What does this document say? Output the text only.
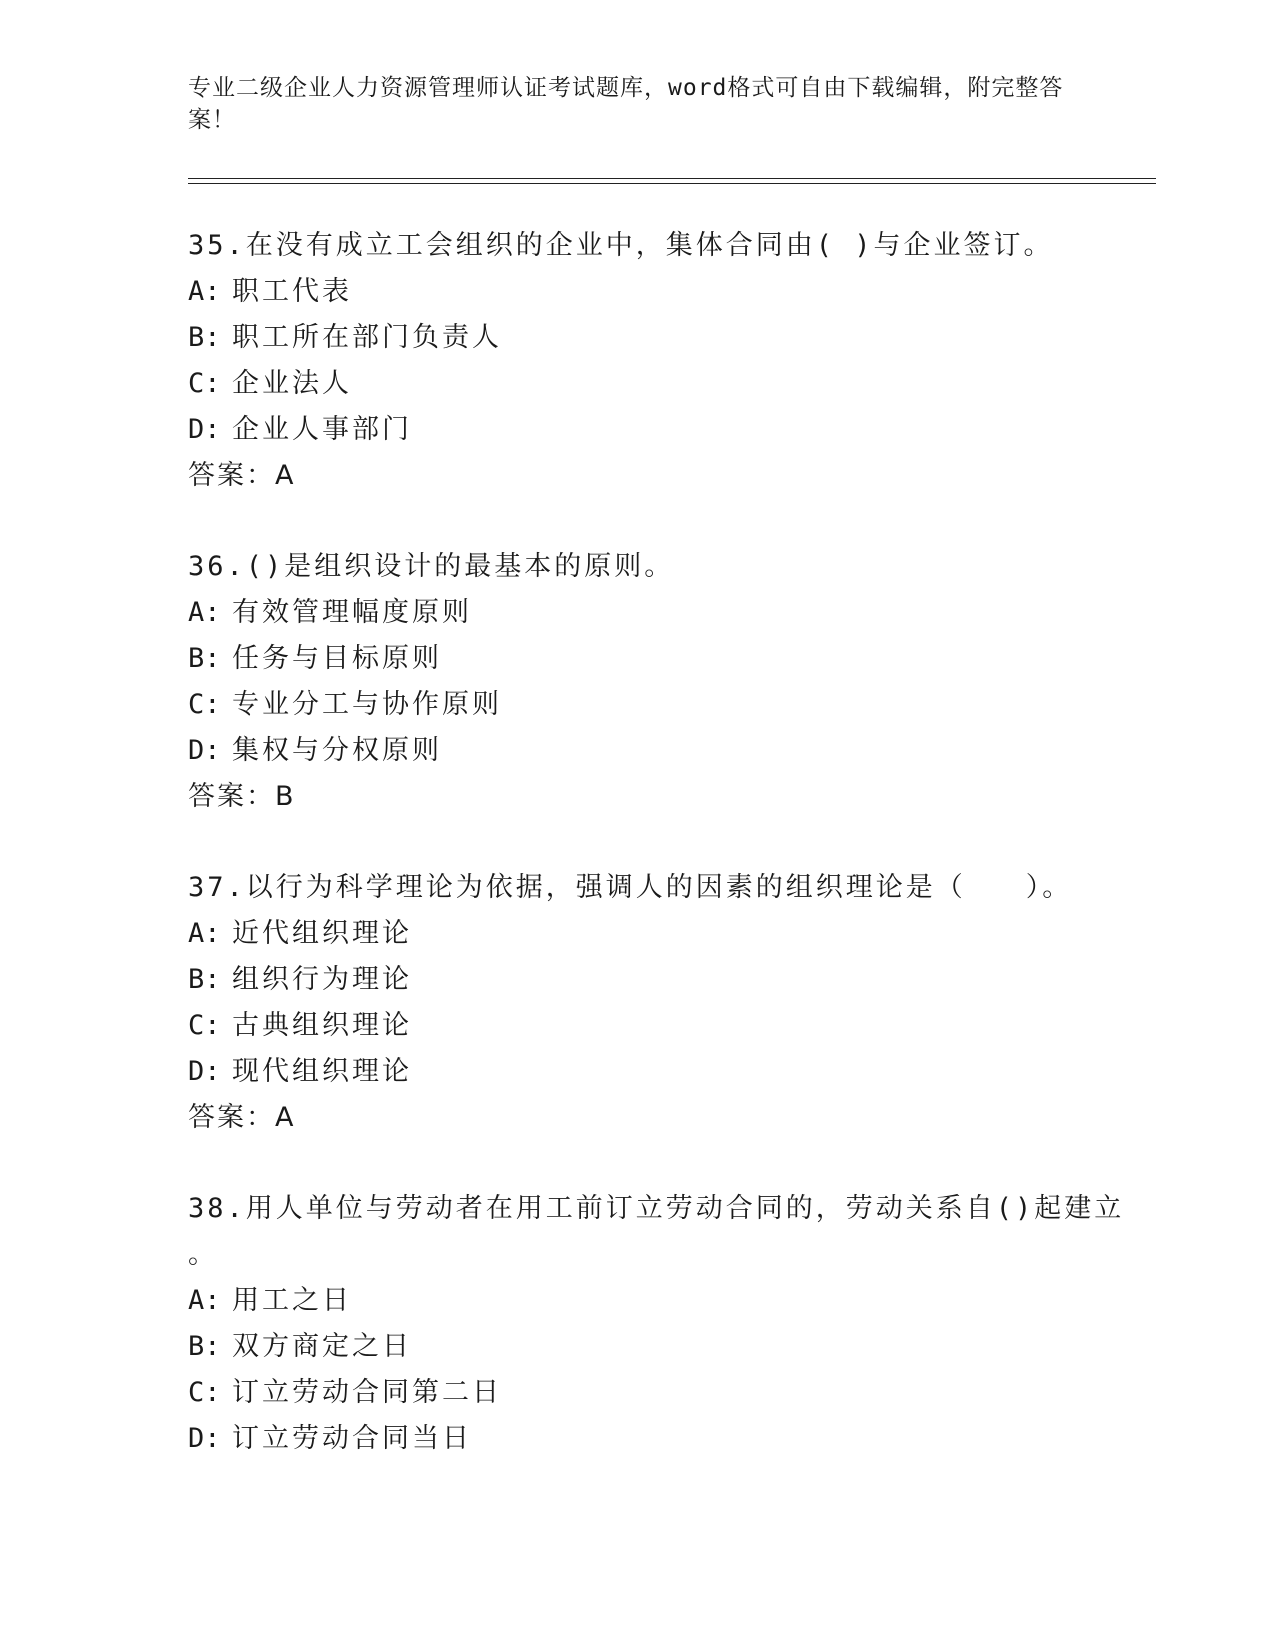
专业二级企业人力资源管理师认证考试题库，word格式可自由下载编辑，附完整答案！
35.在没有成立工会组织的企业中，集体合同由( )与企业签订。
A: 职工代表
B: 职工所在部门负责人
C: 企业法人
D: 企业人事部门
答案：A
36.()是组织设计的最基本的原则。
A: 有效管理幅度原则
B: 任务与目标原则
C: 专业分工与协作原则
D: 集权与分权原则
答案：B
37.以行为科学理论为依据，强调人的因素的组织理论是（　　）。
A: 近代组织理论
B: 组织行为理论
C: 古典组织理论
D: 现代组织理论
答案：A
38.用人单位与劳动者在用工前订立劳动合同的，劳动关系自()起建立
。
A: 用工之日
B: 双方商定之日
C: 订立劳动合同第二日
D: 订立劳动合同当日
